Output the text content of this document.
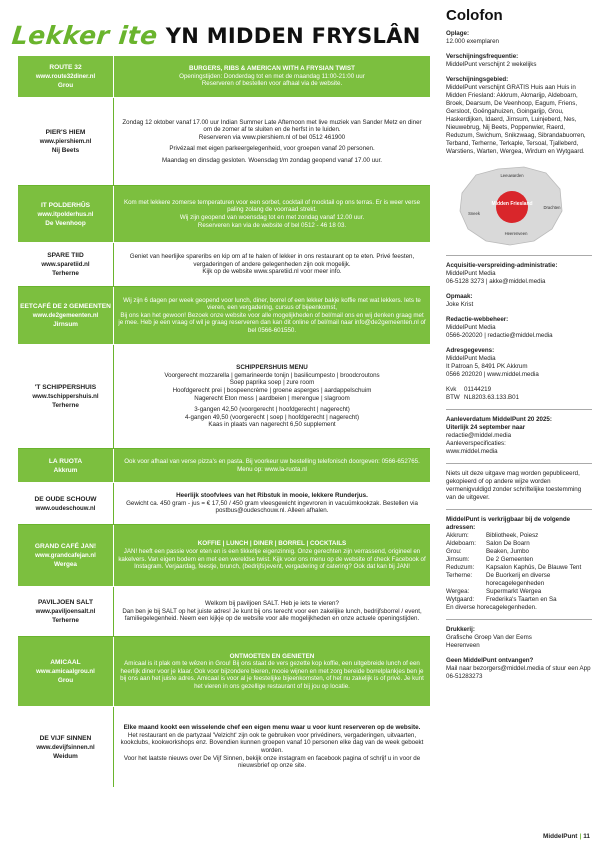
Lekker ite YN MIDDEN FRYSLÂN
ROUTE 32
www.route32diner.nl
Grou

BURGERS, RIBS & AMERICAN WITH A FRYSIAN TWIST

Openingstijden: Donderdag tot en met de maandag 11:00-21:00 uur

Reserveren of bestellen voor afhaal via de website.

PIER'S HIEM
www.piershiem.nl
Nij Beets

Zondag 12 oktober vanaf 17.00 uur Indian Summer Late Afternoon met live muziek van Sander Metz en diner om de zomer af te sluiten en de herfst in te luiden.

Reserveren via www.piershiem.nl of bel 0512 461900

Privézaal met eigen parkeergelegenheid, voor groepen vanaf 20 personen.

Maandag en dinsdag gesloten. Woensdag t/m zondag geopend vanaf 17.00 uur.

IT POLDERHÛS
www.itpolderhus.nl
De Veenhoop

Kom met lekkere zomerse temperaturen voor een sorbet, cocktail of mocktail op ons terras. Er is weer verse paling zolang de voorraad strekt.

Wij zijn geopend van woensdag tot en met zondag vanaf 12.00 uur.

Reserveren kan via de website of bel 0512 - 46 18 03.

SPARE TIID
www.sparetiid.nl
Terherne

Geniet van heerlijke spareribs en kip om af te halen of lekker in ons restaurant op te eten. Privé feesten, vergaderingen of andere gelegenheden zijn ook mogelijk.

Kijk op de website www.sparetiid.nl voor meer info.

EETCAFÉ DE 2 GEMEENTEN
www.de2gemeenten.nl
Jirnsum

Wij zijn 6 dagen per week geopend voor lunch, diner, borrel of een lekker bakje koffie met wat lekkers. Iets te vieren, een vergadering, cursus of bijeenkomst,

Bij ons kan het gewoon! Bezoek onze website voor alle mogelijkheden of bel/mail ons en wij denken graag met je mee. Heb je een vraag of wil je graag reserveren dan kan dit online of bel/mail naar info@de2gemeenten.nl of bel 0566-601550.

'T SCHIPPERSHUIS
www.tschippershuis.nl
Terherne

SCHIPPERSHUIS MENU

Voorgerecht mozzarella | gemarineerde tonijn | basilicumpesto | broodcroutons

Soep paprika soep | zure room

Hoofdgerecht prei | bospeencrème | groene asperges | aardappelschuim

Nagerecht Eton mess | aardbeien | merengue | slagroom

3-gangen 42,50 (voorgerecht | hoofdgerecht | nagerecht)

4-gangen 49,50 (voorgerecht | soep | hoofdgerecht | nagerecht)

Kaas in plaats van nagerecht 6,50 supplement

LA RUOTA
Akkrum

Ook voor afhaal van verse pizza's en pasta. Bij voorkeur uw bestelling telefonisch doorgeven: 0566-652765. Menu op: www.la-ruota.nl

DE OUDE SCHOUW
www.oudeschouw.nl

Heerlijk stoofvlees van het Ribstuk in mooie, lekkere Runderjus.

Gewicht ca. 450 gram - jus = € 17,50 / 450 gram vleesgewicht ingevroren in vacuümkookzak. Bestellen via postbus@oudeschouw.nl. Alleen afhalen.

GRAND CAFÉ JAN!
www.grandcafejan.nl
Wergea

KOFFIE | LUNCH | DINER | BORREL | COCKTAILS

JAN! heeft een passie voor eten en is een tikkeltje eigenzinnig. Onze gerechten zijn verrassend, origineel en kakelvers. Van eigen bodem en met een wereldse twist. Kijk voor ons menu op de website of check Facebook of Instagram. Verjaardag, feestje, brunch, (bedrijfs)event, vergadering of catering? Ook dat kan bij JAN!

PAVILJOEN SALT
www.paviljoensalt.nl
Terherne

Welkom bij paviljoen SALT. Heb je iets te vieren?

Dan ben je bij SALT op het juiste adres! Je kunt bij ons terecht voor een zakelijke lunch, bedrijfsborrel / event, familiegelegenheid. Neem een kijkje op de website voor alle mogelijkheden en onze actuele openingstijden.

AMICAAL
www.amicaalgrou.nl
Grou

ONTMOETEN EN GENIETEN

Amicaal is it plak om te wêzen in Grou! Bij ons staat de vers gezette kop koffie, een uitgebreide lunch of een heerlijk diner voor je klaar. Ook voor bijzondere bieren, mooie wijnen en met zorg bereide borrelplankjes ben je bij ons aan het juiste adres. Amicaal is voor al je feestelijke bijeenkomsten, of het nu zakelijk is of privé. Je kunt het vieren in ons gezellige restaurant of bij jou op locatie.

DE VIJF SINNEN
www.devijfsinnen.nl
Weidum

Elke maand kookt een wisselende chef een eigen menu waar u voor kunt reserveren op de website.

Het restaurant en de partyzaal 'Velzicht' zijn ook te gebruiken voor privédiners, vergaderingen, uitvaarten, kookclubs, kookworkshops enz. Bovendien kunnen groepen vanaf 10 personen elke dag van de week geboekt worden.

Voor het laatste nieuws over De Vijf Sinnen, bekijk onze instagram en facebook pagina of schrijf u in voor de nieuwsbrief op onze site.

Colofon
Oplage:
12.000 exemplaren
Verschijningsfrequentie:
MiddelPunt verschijnt 2 wekelijks
Verschijningsgebied:
MiddelPunt verschijnt GRATIS Huis aan Huis in Midden Friesland: Akkrum, Akmarijp, Aldeboarn, Broek, Dearsum, De Veenhoop, Eagum, Friens, Gersloot, Goëngahuizen, Goingarijp, Grou, Haskerdijken, Idaerd, Jirnsum, Luinjeberd, Nes, Nieuwebrug, Nij Beets, Poppenwier, Raerd, Reduzum, Swichum, Snikzwaag, Sibrandabuorren, Terband, Terherne, Terkaple, Tersoal, Tjalleberd, Warstiens, Warten, Wergea, Wirdum en Wytgaard.
Midden Friesland
Leeuwarden
Drachten
Sneek
Heerenveen
Acquisitie-verspreiding-administratie:
MiddelPunt Media
06-5128 3273 | akke@middel.media
Opmaak:
Joke Krist
Redactie-webbeheer:
MiddelPunt Media
0566-202020 | redactie@middel.media
Adresgegevens:
MiddelPunt Media
It Patroan 5, 8491 PK Akkrum
0566 202020 | www.middel.media
Kvk	01144219
BTW NL8203.63.133.B01
Aanleverdatum MiddelPunt 20 2025:
Uiterlijk 24 september naar
redactie@middel.media
Aanleverspecificaties:
www.middel.media
Niets uit deze uitgave mag worden gepubliceerd, gekopieerd of op andere wijze worden vermenigvuldigd zonder schriftelijke toestemming van de uitgever.
MiddelPunt is verkrijgbaar bij de volgende adressen:
Akkrum:	Bibliotheek, Poiesz
Aldeboarn:	Salon De Boarn
Grou:	Beaken, Jumbo
Jirnsum:	De 2 Gemeenten
Reduzum:	Kapsalon Kaphûs, De Blauwe Tent
Terherne:	De Buorkerij en diverse horecagelegenheden
Wergea:	Supermarkt Wergea
Wytgaard:	Frederika's Taarten en Sa
En diverse horecagelegenheden.
Drukkerij:
Grafische Groep Van der Eems
Heerenveen
Geen MiddelPunt ontvangen?
Mail naar bezorgers@middel.media of stuur een App 06-51283273
MiddelPunt | 11
